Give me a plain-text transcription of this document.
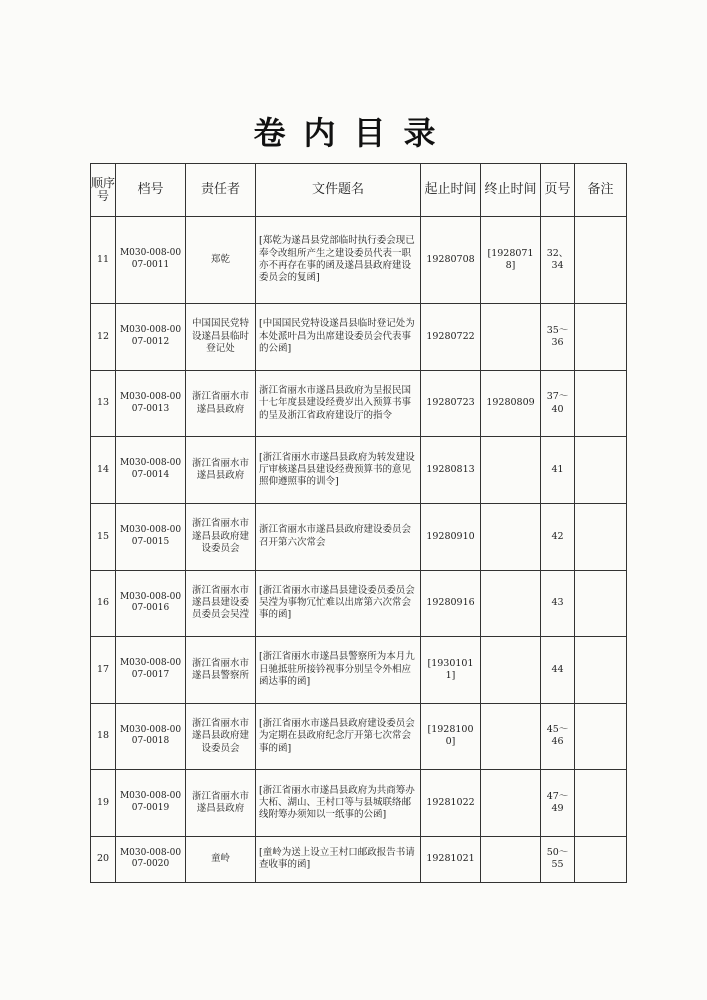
卷内目录
顺序号	档号	责任者	文件题名	起止时间	终止时间	页号	备注
11	M030-008-0007-0011	郑乾	[郑乾为遂昌县党部临时执行委会现已奉令改组所产生之建设委员代表一职亦不再存在事的函及遂昌县政府建设委员会的复函]	19280708	[19280718]	32、34	
12	M030-008-0007-0012	中国国民党特设遂昌县临时登记处	[中国国民党特设遂昌县临时登记处为本处派叶昌为出席建设委员会代表事的公函]	19280722		35～36	
13	M030-008-0007-0013	浙江省丽水市遂昌县政府	浙江省丽水市遂昌县政府为呈报民国十七年度县建设经费岁出入预算书事的呈及浙江省政府建设厅的指令	19280723	19280809	37～40	
14	M030-008-0007-0014	浙江省丽水市遂昌县政府	[浙江省丽水市遂昌县政府为转发建设厅审核遂昌县建设经费预算书的意见照仰遵照事的训令]	19280813		41	
15	M030-008-0007-0015	浙江省丽水市遂昌县政府建设委员会	浙江省丽水市遂昌县政府建设委员会召开第六次常会	19280910		42	
16	M030-008-0007-0016	浙江省丽水市遂昌县建设委员委员会吴滢	[浙江省丽水市遂昌县建设委员委员会吴滢为事物冗忙难以出席第六次常会事的函]	19280916		43	
17	M030-008-0007-0017	浙江省丽水市遂昌县警察所	[浙江省丽水市遂昌县警察所为本月九日驰抵驻所接钤视事分别呈令外相应函达事的函]	[19301011]		44	
18	M030-008-0007-0018	浙江省丽水市遂昌县政府建设委员会	[浙江省丽水市遂昌县政府建设委员会为定期在县政府纪念厅开第七次常会事的函]	[19281000]		45～46	
19	M030-008-0007-0019	浙江省丽水市遂昌县政府	[浙江省丽水市遂昌县政府为共商筹办大柘、湖山、王村口等与县城联络邮线附筹办须知以一纸事的公函]	19281022		47～49	
20	M030-008-0007-0020	童岭	[童岭为送上设立王村口邮政报告书请查收事的函]	19281021		50～55	
